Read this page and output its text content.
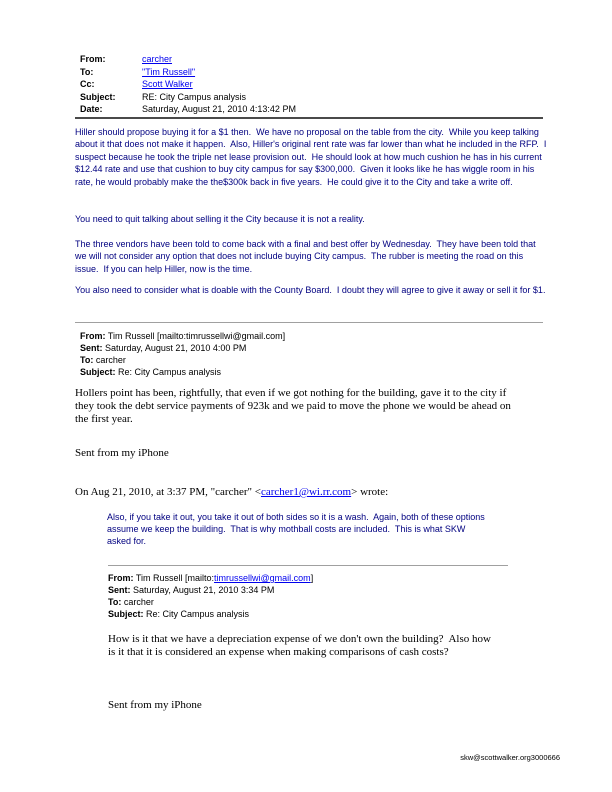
From:	carcher
To:	"Tim Russell"
Cc:	Scott Walker
Subject:	RE: City Campus analysis
Date:	Saturday, August 21, 2010 4:13:42 PM

Hiller should propose buying it for a $1 then.  We have no proposal on the table from the city.  While you keep talking about it that does not make it happen.  Also, Hiller's original rent rate was far lower than what he included in the RFP.  I suspect because he took the triple net lease provision out.  He should look at how much cushion he has in his current $12.44 rate and use that cushion to buy city campus for say $300,000.  Given it looks like he has wiggle room in his rate, he would probably make the the$300k back in five years.  He could give it to the City and take a write off.

You need to quit talking about selling it the City because it is not a reality.

The three vendors have been told to come back with a final and best offer by Wednesday.  They have been told that we will not consider any option that does not include buying City campus.  The rubber is meeting the road on this issue.  If you can help Hiller, now is the time.

You also need to consider what is doable with the County Board.  I doubt they will agree to give it away or sell it for $1.

From: Tim Russell [mailto:timrussellwi@gmail.com]
Sent: Saturday, August 21, 2010 4:00 PM
To: carcher
Subject: Re: City Campus analysis

Hollers point has been, rightfully, that even if we got nothing for the building, gave it to the city if they took the debt service payments of 923k and we paid to move the phone we would be ahead on the first year.

Sent from my iPhone

On Aug 21, 2010, at 3:37 PM, "carcher" <carcher1@wi.rr.com> wrote:

Also, if you take it out, you take it out of both sides so it is a wash.  Again, both of these options assume we keep the building.  That is why mothball costs are included.  This is what SKW asked for.

From: Tim Russell [mailto:timrussellwi@gmail.com]
Sent: Saturday, August 21, 2010 3:34 PM
To: carcher
Subject: Re: City Campus analysis

How is it that we have a depreciation expense of we don't own the building?  Also how is it that it is considered an expense when making comparisons of cash costs?

Sent from my iPhone

skw@scottwalker.org3000666
